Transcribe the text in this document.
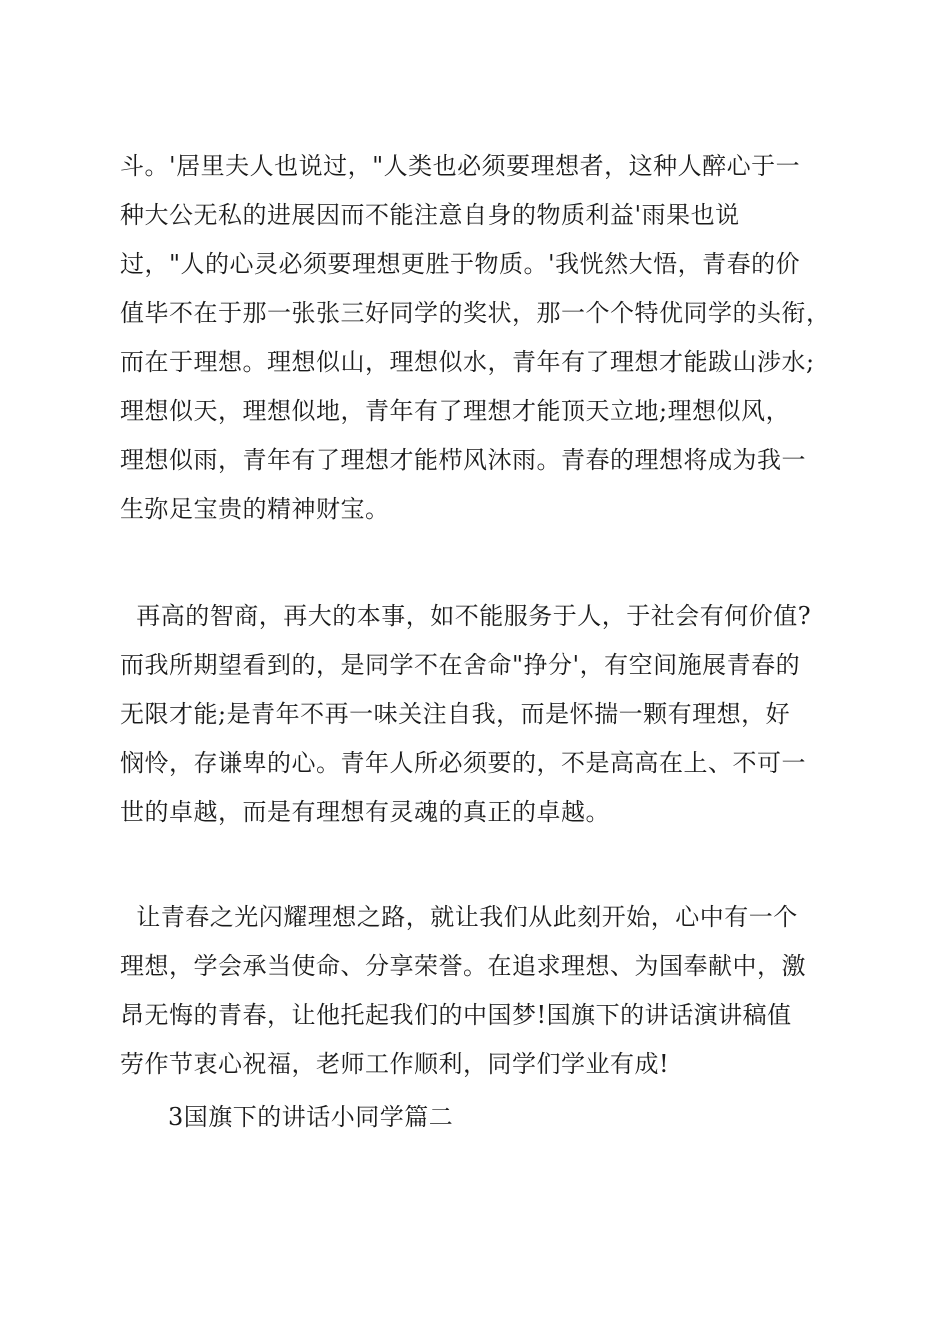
斗。'居里夫人也说过，"人类也必须要理想者，这种人醉心于一
种大公无私的进展因而不能注意自身的物质利益'雨果也说
过，"人的心灵必须要理想更胜于物质。'我恍然大悟，青春的价
值毕不在于那一张张三好同学的奖状，那一个个特优同学的头衔，
而在于理想。理想似山，理想似水，青年有了理想才能跋山涉水;
理想似天，理想似地，青年有了理想才能顶天立地;理想似风，
理想似雨，青年有了理想才能栉风沐雨。青春的理想将成为我一
生弥足宝贵的精神财宝。
再高的智商，再大的本事，如不能服务于人，于社会有何价值?
而我所期望看到的，是同学不在舍命"挣分'，有空间施展青春的
无限才能;是青年不再一味关注自我，而是怀揣一颗有理想，好
悯怜，存谦卑的心。青年人所必须要的，不是高高在上、不可一
世的卓越，而是有理想有灵魂的真正的卓越。
让青春之光闪耀理想之路，就让我们从此刻开始，心中有一个
理想，学会承当使命、分享荣誉。在追求理想、为国奉献中，激
昂无悔的青春，让他托起我们的中国梦!国旗下的讲话演讲稿值
劳作节衷心祝福，老师工作顺利，同学们学业有成!
3国旗下的讲话小同学篇二
